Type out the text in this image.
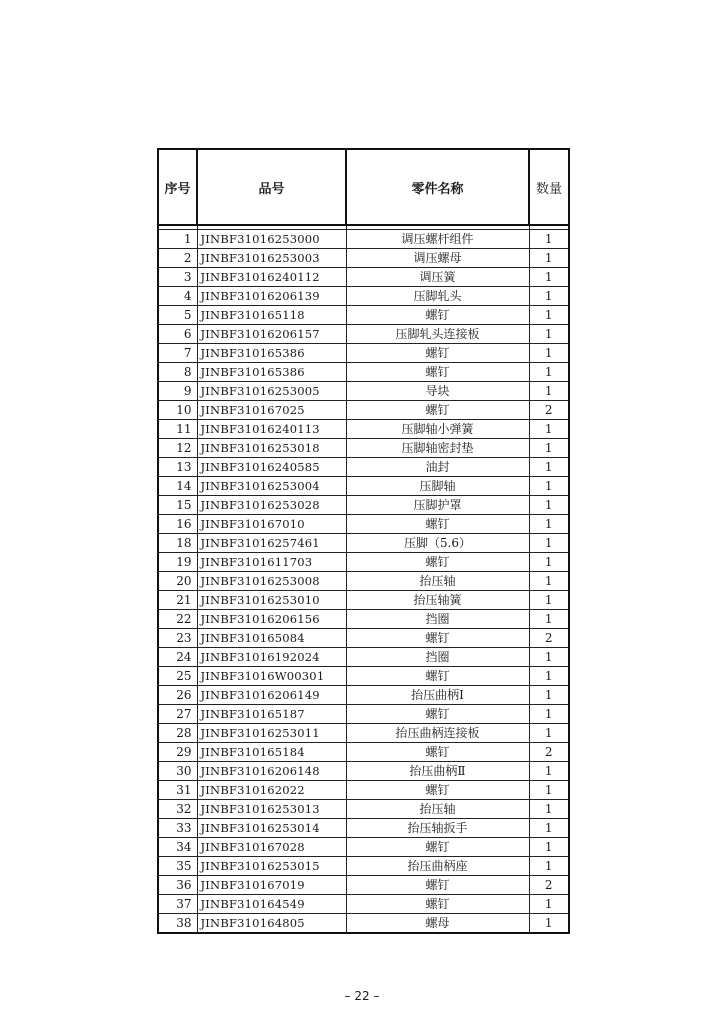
序号	品号	零件名称	数量

1	JINBF31016253000	调压螺杆组件	1
2	JINBF31016253003	调压螺母	1
3	JINBF31016240112	调压簧	1
4	JINBF31016206139	压脚轧头	1
5	JINBF310165118	螺钉	1
6	JINBF31016206157	压脚轧头连接板	1
7	JINBF310165386	螺钉	1
8	JINBF310165386	螺钉	1
9	JINBF31016253005	导块	1
10	JINBF310167025	螺钉	2
11	JINBF31016240113	压脚轴小弹簧	1
12	JINBF31016253018	压脚轴密封垫	1
13	JINBF31016240585	油封	1
14	JINBF31016253004	压脚轴	1
15	JINBF31016253028	压脚护罩	1
16	JINBF310167010	螺钉	1
18	JINBF31016257461	压脚（5.6）	1
19	JINBF3101611703	螺钉	1
20	JINBF31016253008	抬压轴	1
21	JINBF31016253010	抬压轴簧	1
22	JINBF31016206156	挡圈	1
23	JINBF310165084	螺钉	2
24	JINBF31016192024	挡圈	1
25	JINBF31016W00301	螺钉	1
26	JINBF31016206149	抬压曲柄Ⅰ	1
27	JINBF310165187	螺钉	1
28	JINBF31016253011	抬压曲柄连接板	1
29	JINBF310165184	螺钉	2
30	JINBF31016206148	抬压曲柄Ⅱ	1
31	JINBF310162022	螺钉	1
32	JINBF31016253013	抬压轴	1
33	JINBF31016253014	抬压轴扳手	1
34	JINBF310167028	螺钉	1
35	JINBF31016253015	抬压曲柄座	1
36	JINBF310167019	螺钉	2
37	JINBF310164549	螺钉	1
38	JINBF310164805	螺母	1
– 22 –
